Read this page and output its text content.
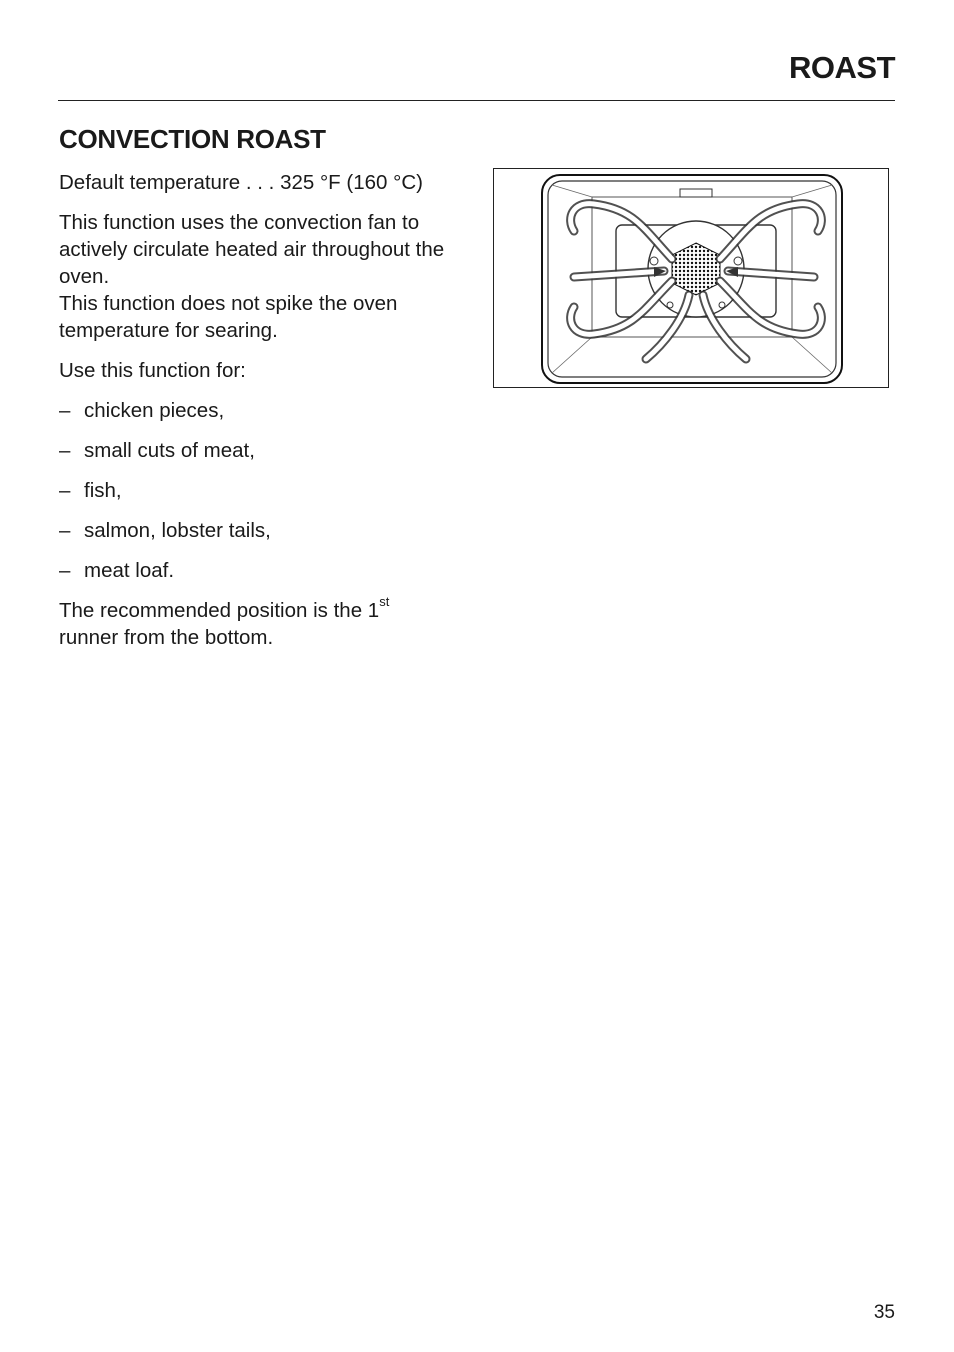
ROAST
CONVECTION ROAST

Default temperature . . . 325 °F (160 °C)

This function uses the convection fan to actively circulate heated air throughout the oven.

This function does not spike the oven temperature for searing.

Use this function for:

– chicken pieces,
– small cuts of meat,
– fish,
– salmon, lobster tails,
– meat loaf.

The recommended position is the 1st
runner from the bottom.

35
